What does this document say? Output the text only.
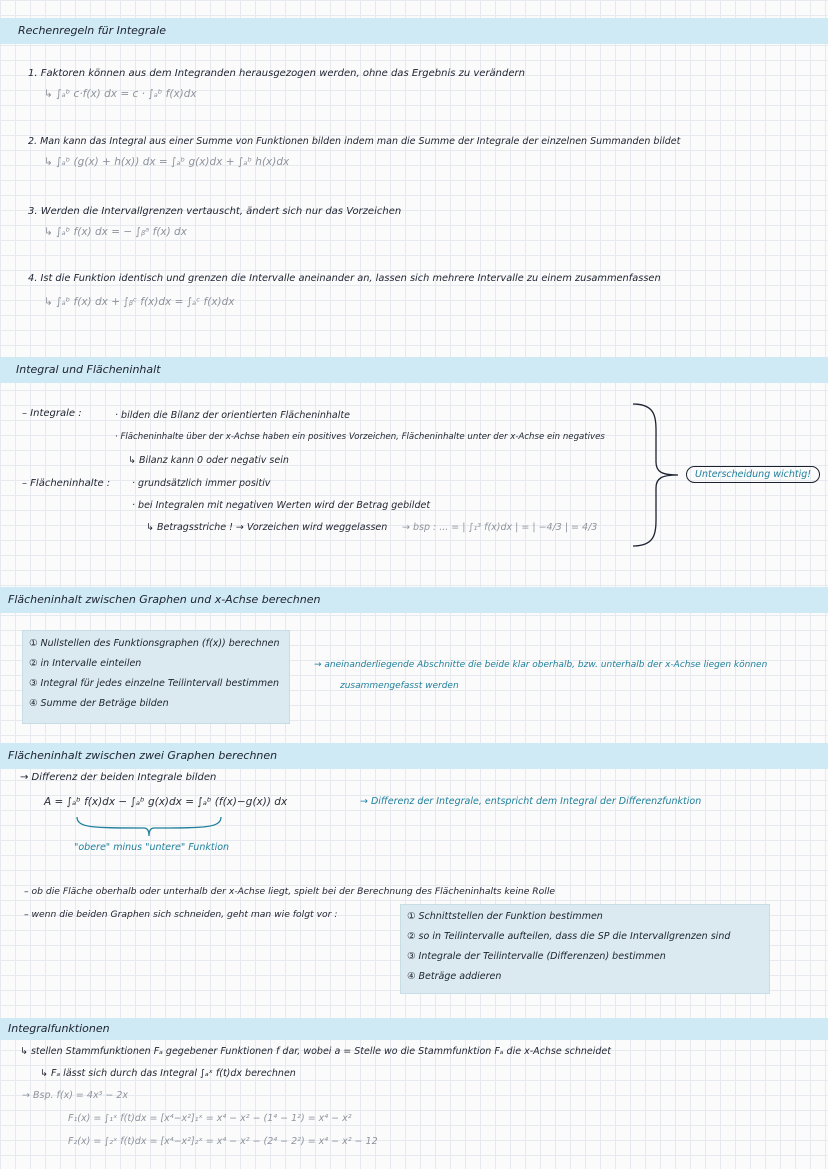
Rechenregeln für Integrale
1. Faktoren können aus dem Integranden herausgezogen werden, ohne das Ergebnis zu verändern
↳ ∫ₐᵇ c·f(x) dx = c · ∫ₐᵇ f(x)dx
2. Man kann das Integral aus einer Summe von Funktionen bilden indem man die Summe der Integrale der einzelnen Summanden bildet
↳ ∫ₐᵇ (g(x) + h(x)) dx = ∫ₐᵇ g(x)dx + ∫ₐᵇ h(x)dx
3. Werden die Intervallgrenzen vertauscht, ändert sich nur das Vorzeichen
↳ ∫ₐᵇ f(x) dx = − ∫ᵦᵃ f(x) dx
4. Ist die Funktion identisch und grenzen die Intervalle aneinander an, lassen sich mehrere Intervalle zu einem zusammenfassen
↳ ∫ₐᵇ f(x) dx + ∫ᵦᶜ f(x)dx = ∫ₐᶜ f(x)dx
Integral und Flächeninhalt
– Integrale :	· bilden die Bilanz der orientierten Flächeninhalte
· Flächeninhalte über der x-Achse haben ein positives Vorzeichen, Flächeninhalte unter der x-Achse ein negatives
↳ Bilanz kann 0 oder negativ sein
– Flächeninhalte : · grundsätzlich immer positiv
· bei Integralen mit negativen Werten wird der Betrag gebildet
↳ Betragsstriche ! → Vorzeichen wird weggelassen → bsp : ... = | ∫₁³ f(x)dx | = | −4/3 | = 4/3
Unterscheidung wichtig!
Flächeninhalt zwischen Graphen und x-Achse berechnen
① Nullstellen des Funktionsgraphen (f(x)) berechnen
② in Intervalle einteilen
③ Integral für jedes einzelne Teilintervall bestimmen
④ Summe der Beträge bilden
→ aneinanderliegende Abschnitte die beide klar oberhalb, bzw. unterhalb der x-Achse liegen können
zusammengefasst werden
Flächeninhalt zwischen zwei Graphen berechnen
→ Differenz der beiden Integrale bilden
A = ∫ₐᵇ f(x)dx − ∫ₐᵇ g(x)dx = ∫ₐᵇ (f(x)−g(x)) dx
"obere" minus "untere" Funktion
→ Differenz der Integrale, entspricht dem Integral der Differenzfunktion
– ob die Fläche oberhalb oder unterhalb der x-Achse liegt, spielt bei der Berechnung des Flächeninhalts keine Rolle
– wenn die beiden Graphen sich schneiden, geht man wie folgt vor :	① Schnittstellen der Funktion bestimmen
② so in Teilintervalle aufteilen, dass die SP die Intervallgrenzen sind
③ Integrale der Teilintervalle (Differenzen) bestimmen
④ Beträge addieren
Integralfunktionen
↳ stellen Stammfunktionen Fₐ gegebener Funktionen f dar, wobei a = Stelle wo die Stammfunktion Fₐ die x-Achse schneidet
↳ Fₐ lässt sich durch das Integral ∫ₐˣ f(t)dx berechnen
→ Bsp. f(x) = 4x³ − 2x
F₁(x) = ∫₁ˣ f(t)dx = [x⁴−x²]₁ˣ = x⁴ − x² − (1⁴ − 1²) = x⁴ − x²
F₂(x) = ∫₂ˣ f(t)dx = [x⁴−x²]₂ˣ = x⁴ − x² − (2⁴ − 2²) = x⁴ − x² − 12
